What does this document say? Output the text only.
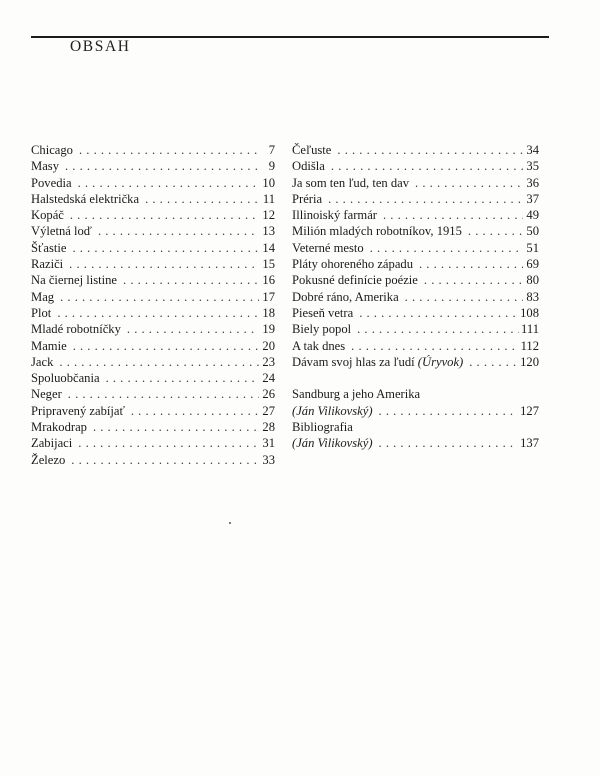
OBSAH
Chicago . . .	7
Masy . . .	9
Povedia . . .	10
Halstedská električka . . .	11
Kopáč . . .	12
Výletná loď . . .	13
Šťastie . . .	14
Raziči . . .	15
Na čiernej listine . . .	16
Mag . . .	17
Plot . . .	18
Mladé robotníčky . . .	19
Mamie . . .	20
Jack . . .	23
Spoluobčania . . .	24
Neger . . .	26
Pripravený zabíjať . . .	27
Mrakodrap . . .	28
Zabijaci . . .	31
Železo . . .	33
Čeľuste . . .	34
Odišla . . .	35
Ja som ten ľud, ten dav . . .	36
Préria . . .	37
Illinoiský farmár . . .	49
Milión mladých robotníkov, 1915 . . .	50
Veterné mesto . . .	51
Pláty ohoreného západu . . .	69
Pokusné definície poézie . . .	80
Dobré ráno, Amerika . . .	83
Pieseň vetra . . .	108
Biely popol . . .	111
A tak dnes . . .	112
Dávam svoj hlas za ľudí (Úryvok) . . .	120
Sandburg a jeho Amerika
(Ján Vilikovský) . . .	127
Bibliografia
(Ján Vilikovský) . . .	137
